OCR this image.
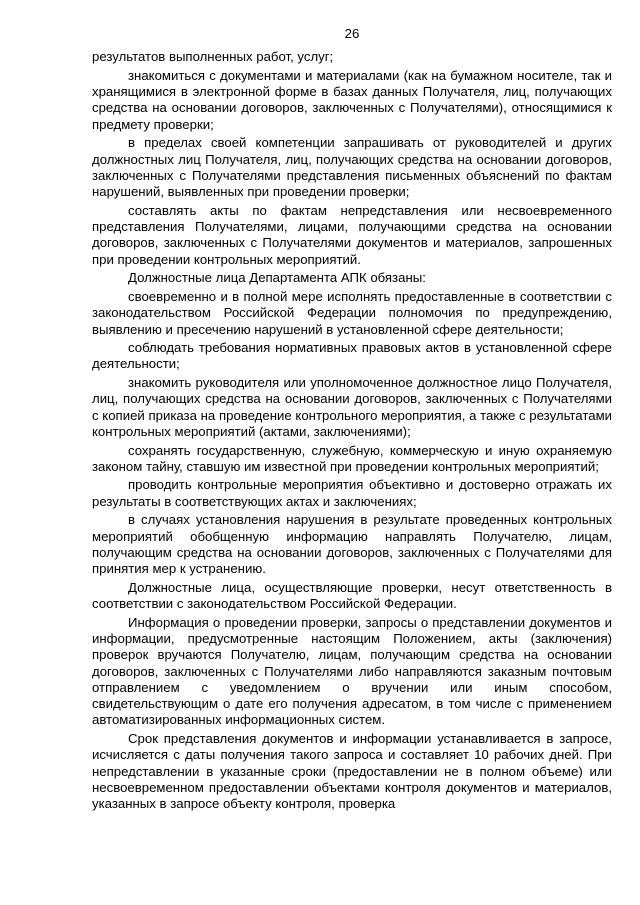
26

результатов выполненных работ, услуг;

знакомиться с документами и материалами (как на бумажном носителе, так и хранящимися в электронной форме в базах данных Получателя, лиц, получающих средства на основании договоров, заключенных с Получателями), относящимися к предмету проверки;

в пределах своей компетенции запрашивать от руководителей и других должностных лиц Получателя, лиц, получающих средства на основании договоров, заключенных с Получателями представления письменных объяснений по фактам нарушений, выявленных при проведении проверки;

составлять акты по фактам непредставления или несвоевременного представления Получателями, лицами, получающими средства на основании договоров, заключенных с Получателями документов и материалов, запрошенных при проведении контрольных мероприятий.

Должностные лица Департамента АПК обязаны:

своевременно и в полной мере исполнять предоставленные в соответствии с законодательством Российской Федерации полномочия по предупреждению, выявлению и пресечению нарушений в установленной сфере деятельности;

соблюдать требования нормативных правовых актов в установленной сфере деятельности;

знакомить руководителя или уполномоченное должностное лицо Получателя, лиц, получающих средства на основании договоров, заключенных с Получателями с копией приказа на проведение контрольного мероприятия, а также с результатами контрольных мероприятий (актами, заключениями);

сохранять государственную, служебную, коммерческую и иную охраняемую законом тайну, ставшую им известной при проведении контрольных мероприятий;

проводить контрольные мероприятия объективно и достоверно отражать их результаты в соответствующих актах и заключениях;

в случаях установления нарушения в результате проведенных контрольных мероприятий обобщенную информацию направлять Получателю, лицам, получающим средства на основании договоров, заключенных с Получателями для принятия мер к устранению.

Должностные лица, осуществляющие проверки, несут ответственность в соответствии с законодательством Российской Федерации.

Информация о проведении проверки, запросы о представлении документов и информации, предусмотренные настоящим Положением, акты (заключения) проверок вручаются Получателю, лицам, получающим средства на основании договоров, заключенных с Получателями либо направляются заказным почтовым отправлением с уведомлением о вручении или иным способом, свидетельствующим о дате его получения адресатом, в том числе с применением автоматизированных информационных систем.

Срок представления документов и информации устанавливается в запросе, исчисляется с даты получения такого запроса и составляет 10 рабочих дней. При непредставлении в указанные сроки (предоставлении не в полном объеме) или несвоевременном предоставлении объектами контроля документов и материалов, указанных в запросе объекту контроля, проверка
